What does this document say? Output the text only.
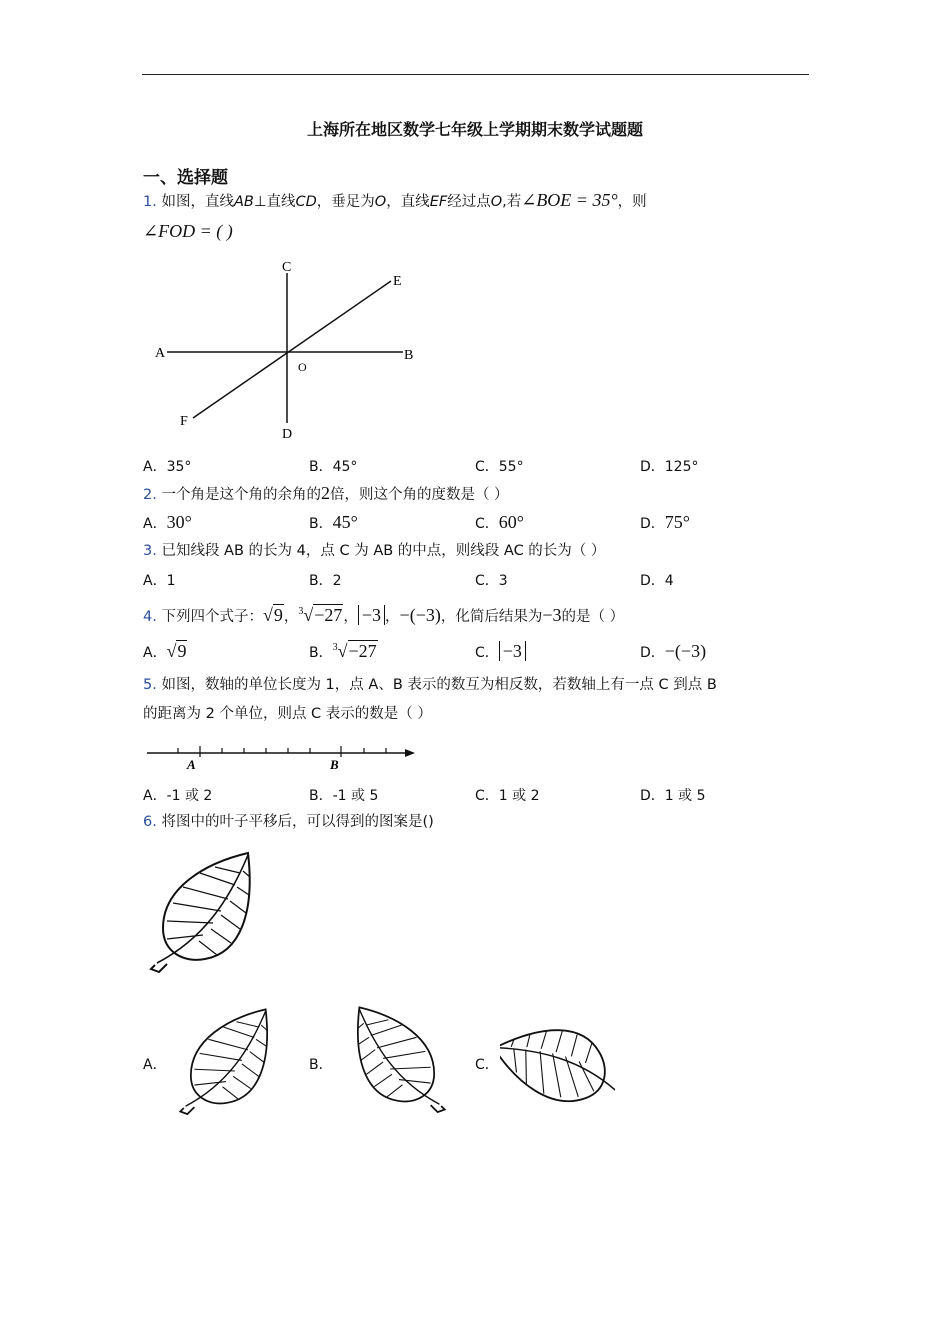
上海所在地区数学七年级上学期期末数学试题题
一、选择题
1. 如图，直线AB⊥直线CD，垂足为O，直线EF经过点O,若∠BOE = 35°，则
∠FOD = ( )
C
E
A	B
O
F
D
A．35°	B．45°	C．55°	D．125°
2. 一个角是这个角的余角的2倍，则这个角的度数是（ ）
A．30°	B．45°	C．60°	D．75°
3. 已知线段 AB 的长为 4，点 C 为 AB 的中点，则线段 AC 的长为（ ）
A．1	B．2	C．3	D．4
4. 下列四个式子：√9，$^3$√−27， −3 ，−(−3)，化简后结果为−3的是（ ）
A．√9	B．$^3$√−27	C． −3	D．−(−3)
5. 如图，数轴的单位长度为 1，点 A、B 表示的数互为相反数，若数轴上有一点 C 到点 B
的距离为 2 个单位，则点 C 表示的数是（ ）
A	B
A．-1 或 2	B．-1 或 5	C．1 或 2	D．1 或 5
6. 将图中的叶子平移后，可以得到的图案是()
A．	B．	C．
